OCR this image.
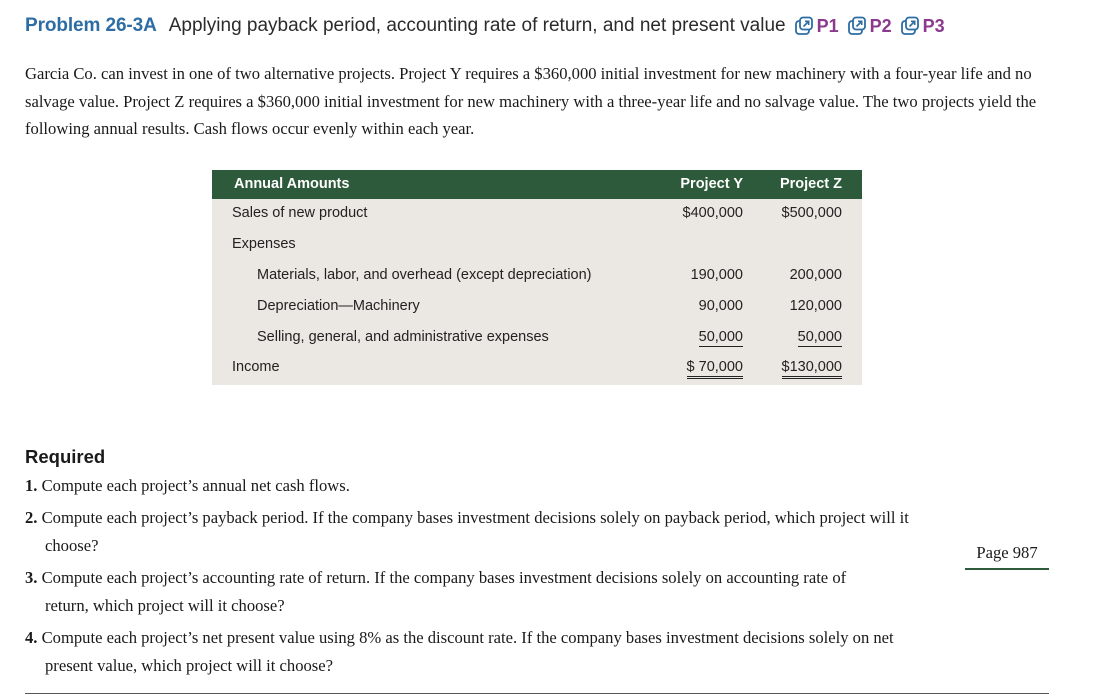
Problem 26-3A Applying payback period, accounting rate of return, and net present value P1 P2 P3

Garcia Co. can invest in one of two alternative projects. Project Y requires a $360,000 initial investment for new machinery with a four-year life and no salvage value. Project Z requires a $360,000 initial investment for new machinery with a three-year life and no salvage value. The two projects yield the following annual results. Cash flows occur evenly within each year.

Annual Amounts	Project Y	Project Z
Sales of new product	$400,000	$500,000
Expenses
Materials, labor, and overhead (except depreciation)	190,000	200,000
Depreciation—Machinery	90,000	120,000
Selling, general, and administrative expenses	50,000	50,000
Income	$ 70,000	$130,000
Required
1. Compute each project’s annual net cash flows.
2. Compute each project’s payback period. If the company bases investment decisions solely on payback period, which project will it
choose?
3. Compute each project’s accounting rate of return. If the company bases investment decisions solely on accounting rate of
return, which project will it choose?
4. Compute each project’s net present value using 8% as the discount rate. If the company bases investment decisions solely on net
present value, which project will it choose?
Page 987
